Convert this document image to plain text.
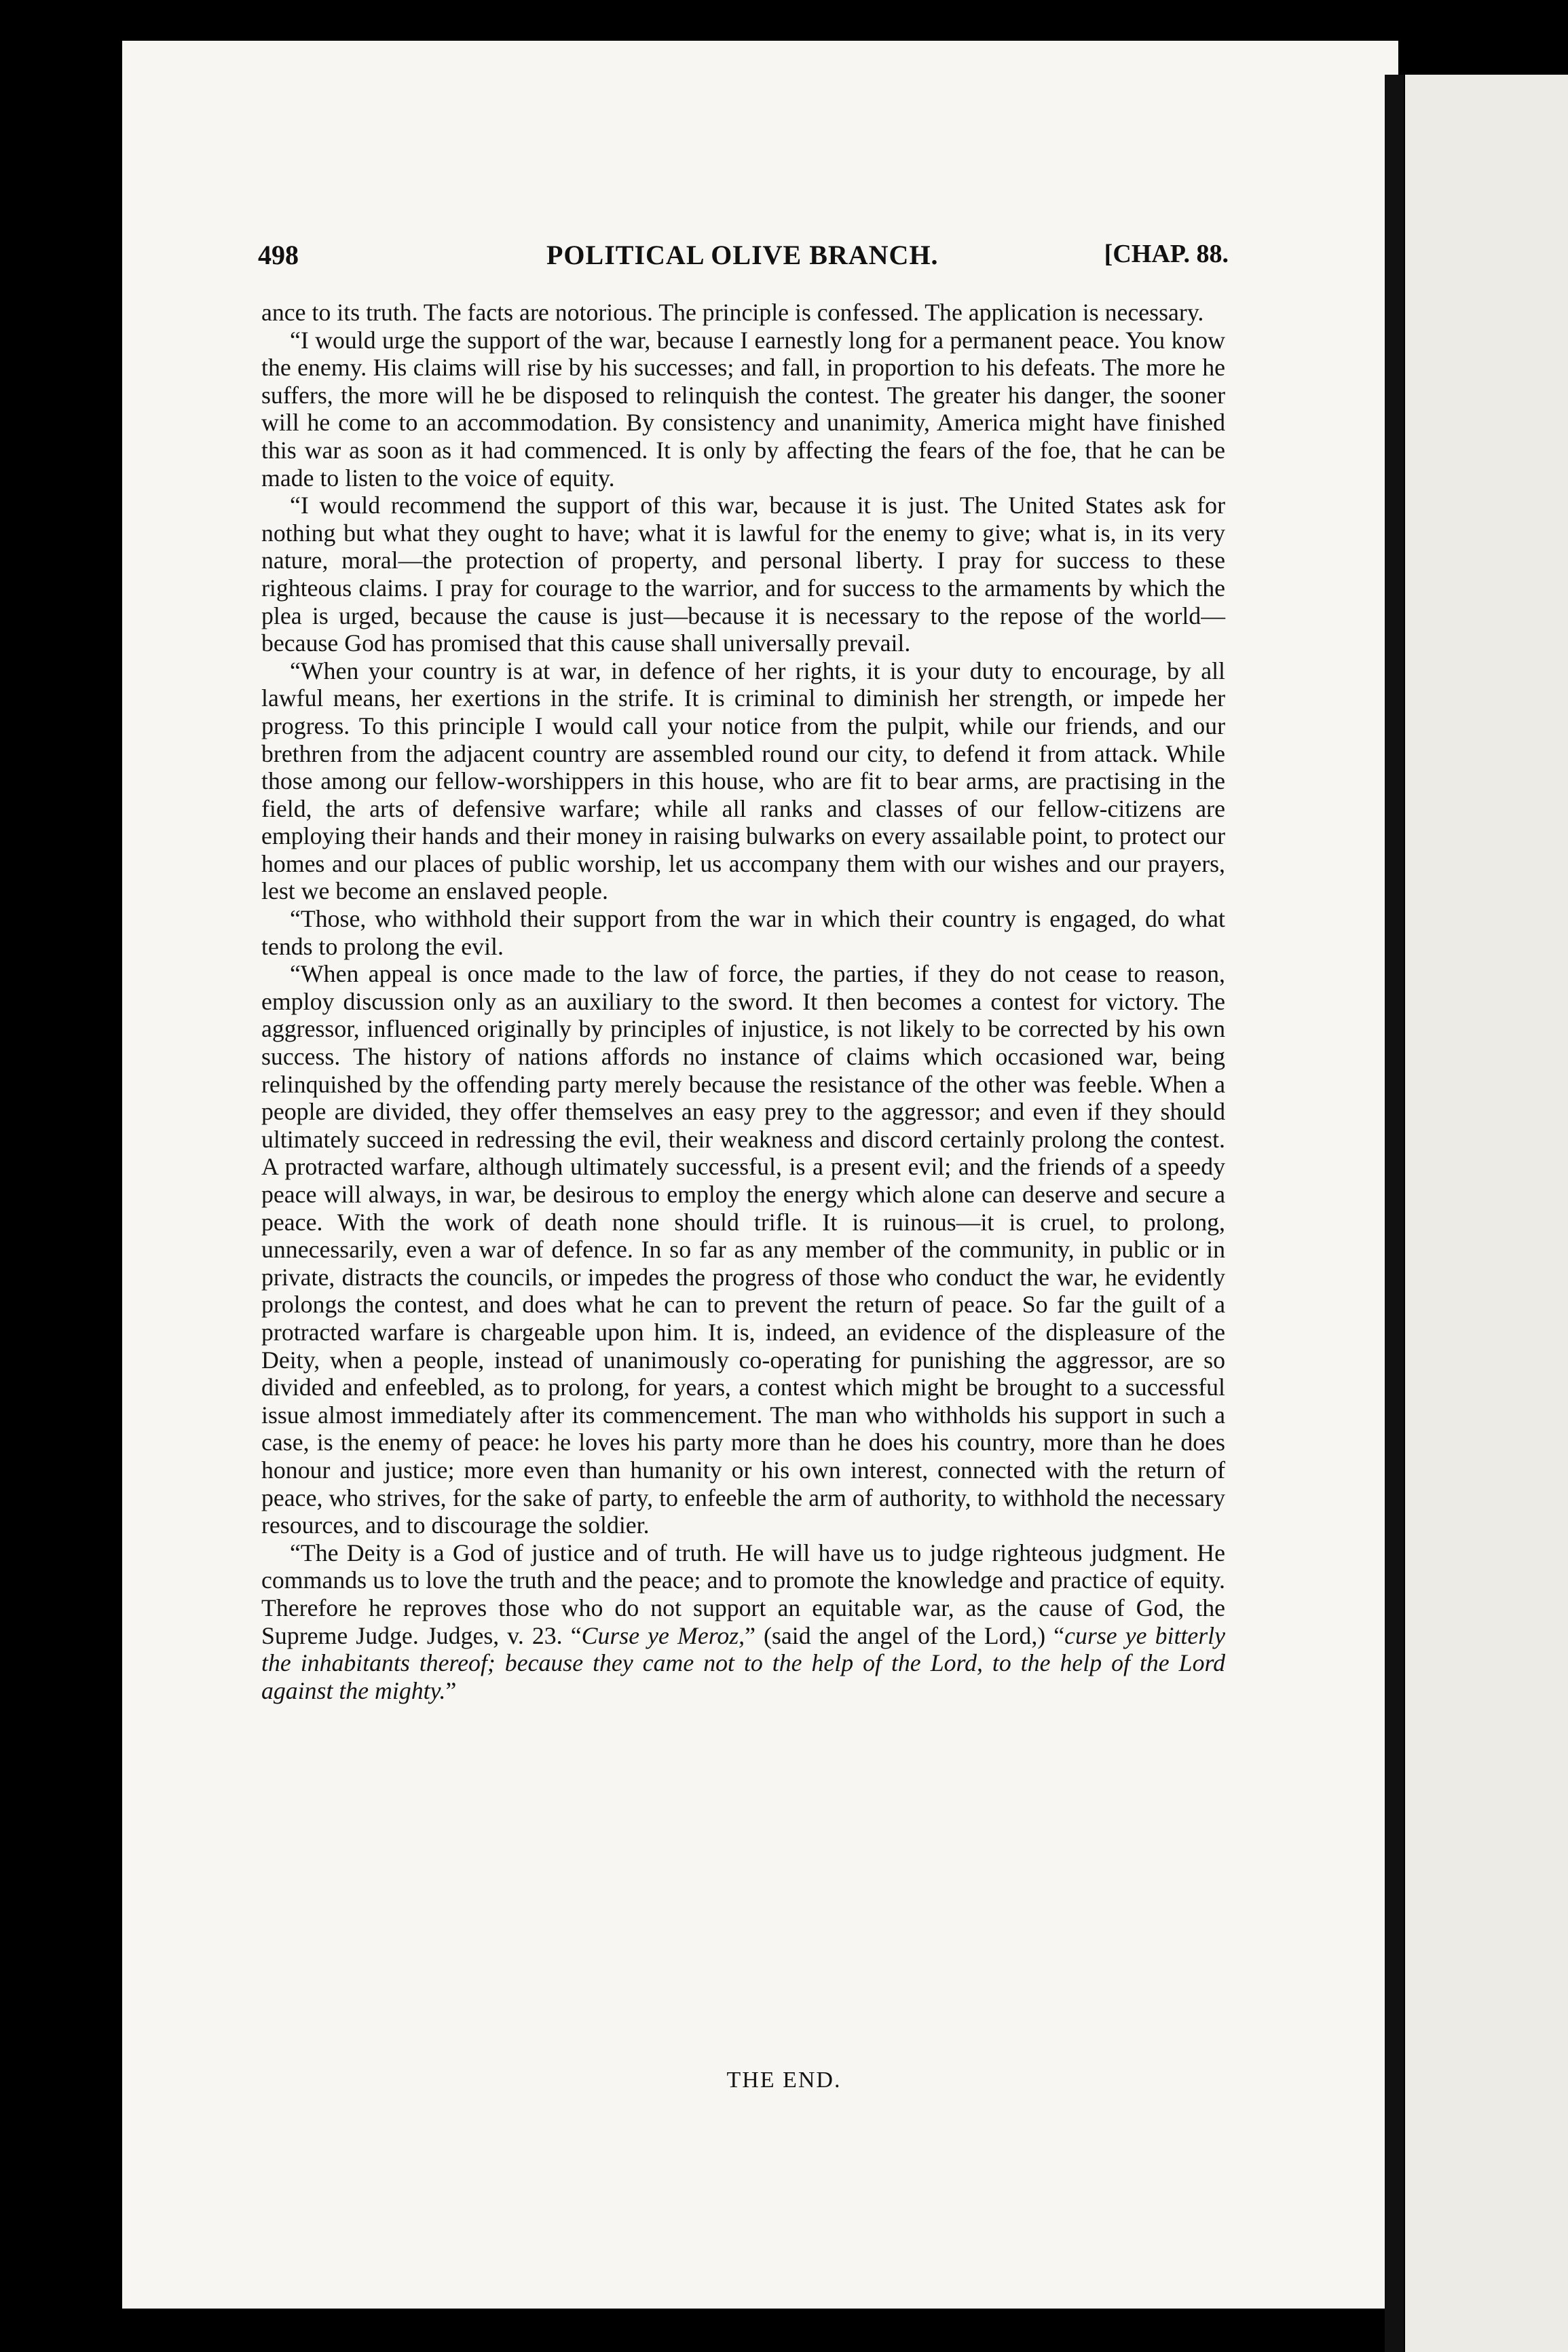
498	POLITICAL OLIVE BRANCH.	[CHAP. 88.

ance to its truth. The facts are notorious. The principle is confessed. The application is necessary.

“I would urge the support of the war, because I earnestly long for a permanent peace. You know the enemy. His claims will rise by his successes; and fall, in proportion to his defeats. The more he suffers, the more will he be disposed to relinquish the contest. The greater his danger, the sooner will he come to an accommodation. By consistency and unanimity, America might have finished this war as soon as it had commenced. It is only by affecting the fears of the foe, that he can be made to listen to the voice of equity.

“I would recommend the support of this war, because it is just. The United States ask for nothing but what they ought to have; what it is lawful for the enemy to give; what is, in its very nature, moral—the protection of property, and personal liberty. I pray for success to these righteous claims. I pray for courage to the warrior, and for success to the armaments by which the plea is urged, because the cause is just—because it is necessary to the repose of the world—because God has promised that this cause shall universally prevail.

“When your country is at war, in defence of her rights, it is your duty to encourage, by all lawful means, her exertions in the strife. It is criminal to diminish her strength, or impede her progress. To this principle I would call your notice from the pulpit, while our friends, and our brethren from the adjacent country are assembled round our city, to defend it from attack. While those among our fellow-worshippers in this house, who are fit to bear arms, are practising in the field, the arts of defensive warfare; while all ranks and classes of our fellow-citizens are employing their hands and their money in raising bulwarks on every assailable point, to protect our homes and our places of public worship, let us accompany them with our wishes and our prayers, lest we become an enslaved people.

“Those, who withhold their support from the war in which their country is engaged, do what tends to prolong the evil.

“When appeal is once made to the law of force, the parties, if they do not cease to reason, employ discussion only as an auxiliary to the sword. It then becomes a contest for victory. The aggressor, influenced originally by principles of injustice, is not likely to be corrected by his own success. The history of nations affords no instance of claims which occasioned war, being relinquished by the offending party merely because the resistance of the other was feeble. When a people are divided, they offer themselves an easy prey to the aggressor; and even if they should ultimately succeed in redressing the evil, their weakness and discord certainly prolong the contest. A protracted warfare, although ultimately successful, is a present evil; and the friends of a speedy peace will always, in war, be desirous to employ the energy which alone can deserve and secure a peace. With the work of death none should trifle. It is ruinous—it is cruel, to prolong, unnecessarily, even a war of defence. In so far as any member of the community, in public or in private, distracts the councils, or impedes the progress of those who conduct the war, he evidently prolongs the contest, and does what he can to prevent the return of peace. So far the guilt of a protracted warfare is chargeable upon him. It is, indeed, an evidence of the displeasure of the Deity, when a people, instead of unanimously co-operating for punishing the aggressor, are so divided and enfeebled, as to prolong, for years, a contest which might be brought to a successful issue almost immediately after its commencement. The man who withholds his support in such a case, is the enemy of peace: he loves his party more than he does his country, more than he does honour and justice; more even than humanity or his own interest, connected with the return of peace, who strives, for the sake of party, to enfeeble the arm of authority, to withhold the necessary resources, and to discourage the soldier.

“The Deity is a God of justice and of truth. He will have us to judge righteous judgment. He commands us to love the truth and the peace; and to promote the knowledge and practice of equity. Therefore he reproves those who do not support an equitable war, as the cause of God, the Supreme Judge. Judges, v. 23. “Curse ye Meroz,” (said the angel of the Lord,) “curse ye bitterly the inhabitants thereof; because they came not to the help of the Lord, to the help of the Lord against the mighty.”

THE END.
